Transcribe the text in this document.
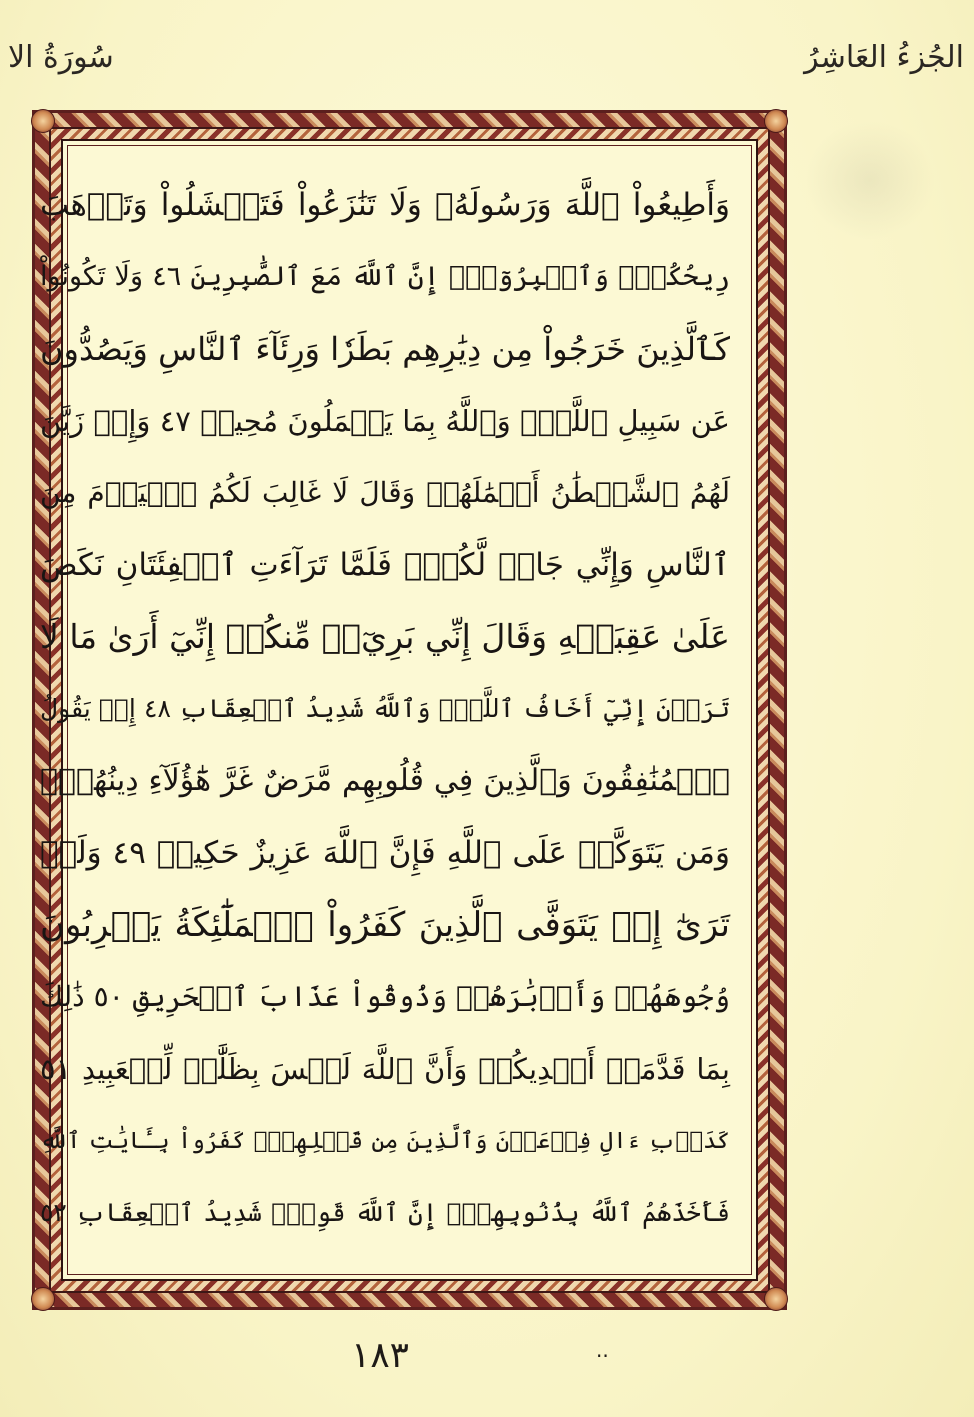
الجُزءُ العَاشِرُ
سُورَةُ الا
وَأَطِيعُواْ ٱللَّهَ وَرَسُولَهُۥ وَلَا تَنَٰزَعُواْ فَتَفۡشَلُواْ وَتَذۡهَبَ
رِيحُكُمۡۖ وَٱصۡبِرُوٓاْۚ إِنَّ ٱللَّهَ مَعَ ٱلصَّٰبِرِينَ ٤٦ وَلَا تَكُونُواْ
كَٱلَّذِينَ خَرَجُواْ مِن دِيَٰرِهِم بَطَرٗا وَرِئَآءَ ٱلنَّاسِ وَيَصُدُّونَ
عَن سَبِيلِ ٱللَّهِۚ وَٱللَّهُ بِمَا يَعۡمَلُونَ مُحِيطٞ ٤٧ وَإِذۡ زَيَّنَ
لَهُمُ ٱلشَّيۡطَٰنُ أَعۡمَٰلَهُمۡ وَقَالَ لَا غَالِبَ لَكُمُ ٱلۡيَوۡمَ مِنَ
ٱلنَّاسِ وَإِنِّي جَارٞ لَّكُمۡۖ فَلَمَّا تَرَآءَتِ ٱلۡفِئَتَانِ نَكَصَ
عَلَىٰ عَقِبَيۡهِ وَقَالَ إِنِّي بَرِيٓءٞ مِّنكُمۡ إِنِّيٓ أَرَىٰ مَا لَا
تَرَوۡنَ إِنِّيٓ أَخَافُ ٱللَّهَۚ وَٱللَّهُ شَدِيدُ ٱلۡعِقَابِ ٤٨ إِذۡ يَقُولُ
ٱلۡمُنَٰفِقُونَ وَٱلَّذِينَ فِي قُلُوبِهِم مَّرَضٌ غَرَّ هَٰٓؤُلَآءِ دِينُهُمۡۗ
وَمَن يَتَوَكَّلۡ عَلَى ٱللَّهِ فَإِنَّ ٱللَّهَ عَزِيزٌ حَكِيمٞ ٤٩ وَلَوۡ
تَرَىٰٓ إِذۡ يَتَوَفَّى ٱلَّذِينَ كَفَرُواْ ٱلۡمَلَٰٓئِكَةُ يَضۡرِبُونَ
وُجُوهَهُمۡ وَأَدۡبَٰرَهُمۡ وَذُوقُواْ عَذَابَ ٱلۡحَرِيقِ ٥٠ ذَٰلِكَ
بِمَا قَدَّمَتۡ أَيۡدِيكُمۡ وَأَنَّ ٱللَّهَ لَيۡسَ بِظَلَّٰمٖ لِّلۡعَبِيدِ ٥١
كَدَأۡبِ ءَالِ فِرۡعَوۡنَ وَٱلَّذِينَ مِن قَبۡلِهِمۡۚ كَفَرُواْ بِـَٔايَٰتِ ٱللَّهِ
فَأَخَذَهُمُ ٱللَّهُ بِذُنُوبِهِمۡۚ إِنَّ ٱللَّهَ قَوِيّٞ شَدِيدُ ٱلۡعِقَابِ ٥٢
١٨٣	..
